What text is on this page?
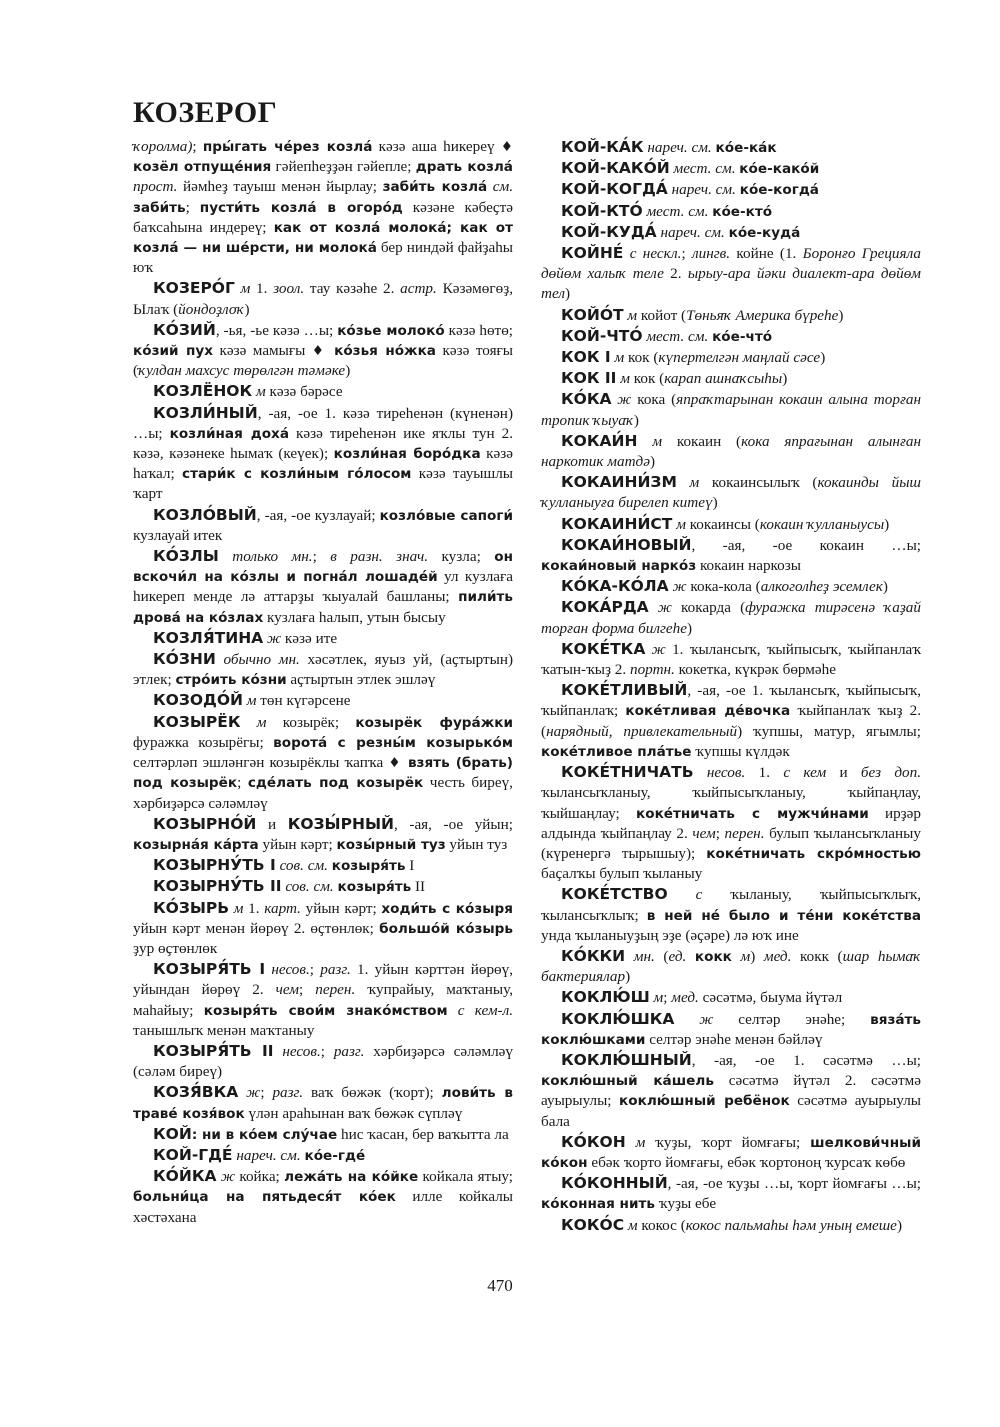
КОЗЕРОГ

ҡоролма); пры́гать че́рез козла́ кәзә аша һикереү ♦ козёл отпуще́ния гәйепһеҙҙән гәйепле; драть козла́ прост. йәмһеҙ тауыш менән йырлау; заби́ть козла́ см. заби́ть; пусти́ть козла́ в огоро́д кәзәне кәбеҫтә баҡсаһына индереү; как от козла́ молока́; как от козла́ — ни ше́рсти, ни молока́ бер ниндәй файҙаһы юҡ

КОЗЕРО́Г м 1. зоол. тау кәзәһе 2. астр. Кәзәмөгөҙ, Ылаҡ (йондоҙлоҡ)

КО́ЗИЙ, -ья, -ье кәзә …ы; ко́зье молоко́ кәзә һөтө; ко́зий пух кәзә мамығы ♦ ко́зья но́жка кәзә тояғы (ҡулдан махсус төрөлгән тәмәке)

КОЗЛЁНОК м кәзә бәрәсе

КОЗЛИ́НЫЙ, -ая, -ое 1. кәзә тиреһенән (күненән) …ы; козли́ная доха́ кәзә тиреһенән ике яҡлы тун 2. кәзә, кәзәнеке һымаҡ (кеүек); козли́ная боро́дка кәзә һаҡал; стари́к с козли́ным го́лосом кәзә тауышлы ҡарт

КОЗЛО́ВЫЙ, -ая, -ое кузлауай; козло́вые сапоги́ кузлауай итек

КО́ЗЛЫ только мн.; в разн. знач. кузла; он вскочи́л на ко́злы и погна́л лошаде́й ул кузлаға һикереп менде лә аттарҙы ҡыуалай башланы; пили́ть дрова́ на ко́злах кузлаға һалып, утын бысыу

КОЗЛЯ́ТИНА ж кәзә ите

КО́ЗНИ обычно мн. хәсәтлек, яуыз уй, (аҫтыртын) этлек; стро́ить ко́зни аҫтыртын этлек эшләү

КОЗОДО́Й м төн күгәрсене

КОЗЫРЁК м козырёк; козырёк фура́жки фуражка козырёгы; ворота́ с резны́м козырько́м селтәрләп эшләнгән козырёклы ҡапҡа ♦ взять (брать) под козырёк; сде́лать под козырёк честь биреү, хәрбиҙәрсә сәләмләү

КОЗЫРНО́Й и КОЗЫ́РНЫЙ, -ая, -ое уйын; козырна́я ка́рта уйын кәрт; козы́рный туз уйын туз

КОЗЫРНУ́ТЬ I сов. см. козыря́ть I

КОЗЫРНУ́ТЬ II сов. см. козыря́ть II

КО́ЗЫРЬ м 1. карт. уйын кәрт; ходи́ть с ко́зыря уйын кәрт менән йөрөү 2. өҫтөнлөк; большо́й ко́зырь ҙур өҫтөнлөк

КОЗЫРЯ́ТЬ I несов.; разг. 1. уйын кәрттән йөрөү, уйындан йөрөү 2. чем; перен. ҡупрайыу, маҡтаныу, маһайыу; козыря́ть свои́м знако́мством с кем-л. танышлыҡ менән маҡтаныу

КОЗЫРЯ́ТЬ II несов.; разг. хәрбиҙәрсә сәләмләү (сәләм биреү)

КОЗЯ́ВКА ж; разг. ваҡ бөжәк (ҡорт); лови́ть в траве́ козя́вок үлән араһынан ваҡ бөжәк сүпләү

КОЙ: ни в ко́ем слу́чае һис ҡасан, бер ваҡытта ла

КОЙ-ГДЕ́ нареч. см. ко́е-где́

КО́ЙКА ж койка; лежа́ть на ко́йке койкала ятыу; больни́ца на пятьдеся́т ко́ек илле койкалы хәстәхана

КОЙ-КА́К нареч. см. ко́е-ка́к

КОЙ-КАКО́Й мест. см. ко́е-како́й

КОЙ-КОГДА́ нареч. см. ко́е-когда́

КОЙ-КТО́ мест. см. ко́е-кто́

КОЙ-КУДА́ нареч. см. ко́е-куда́

КОЙНЕ́ с нескл.; лингв. койне (1. Боронғо Грецияла дөйөм халыҡ теле 2. ырыу-ара йәки диалект-ара дөйөм тел)

КОЙО́Т м койот (Төньяҡ Америка бүреһе)

КОЙ-ЧТО́ мест. см. ко́е-что́

КОК I м кок (күпертелгән маңлай сәсе)

КОК II м кок (карап ашнаҡсыһы)

КО́КА ж кока (япраҡтарынан кокаин алына торған тропик ҡыуаҡ)

КОКАИ́Н м кокаин (кока япрағынан алынған наркотик матдә)

КОКАИНИ́ЗМ м кокаинсылыҡ (кокаинды йыш ҡулланыуға бирелеп китеү)

КОКАИНИ́СТ м кокаинсы (кокаин ҡулланыусы)

КОКАИ́НОВЫЙ, -ая, -ое кокаин …ы; кокаи́новый нарко́з кокаин наркозы

КО́КА-КО́ЛА ж кока-кола (алкоголһеҙ эсемлек)

КОКА́РДА ж кокарда (фуражка тирәсенә ҡаҙай торған форма билгеһе)

КОКЕ́ТКА ж 1. ҡылансыҡ, ҡыйпысыҡ, ҡыйпанлаҡ ҡатын-ҡыҙ 2. портн. кокетка, күкрәк бөрмәһе

КОКЕ́ТЛИВЫЙ, -ая, -ое 1. ҡылансыҡ, ҡыйпысыҡ, ҡыйпанлаҡ; коке́тливая де́вочка ҡыйпанлаҡ ҡыҙ 2. (нарядный, привлекательный) ҡупшы, матур, ягымлы; коке́тливое пла́тье ҡупшы күлдәк

КОКЕ́ТНИЧАТЬ несов. 1. с кем и без доп. ҡылансыҡланыу, ҡыйпысыҡланыу, ҡыйпаңлау, ҡыйшаңлау; коке́тничать с мужчи́нами ирҙәр алдында ҡыйпаңлау 2. чем; перен. булып ҡылансыҡланыу (күренергә тырышыу); коке́тничать скро́мностью баҫалҡы булып ҡыланыу

КОКЕ́ТСТВО с ҡыланыу, ҡыйпысыҡлыҡ, ҡылансыҡлыҡ; в ней не́ было и те́ни коке́тства унда ҡыланыуҙың эҙе (әҫәре) лә юҡ ине

КО́ККИ мн. (ед. кокк м) мед. кокк (шар һымаҡ бактериялар)

КОКЛЮ́Ш м; мед. сәсәтмә, быума йүтәл

КОКЛЮ́ШКА ж селтәр энәһе; вяза́ть коклю́шками селтәр энәһе менән бәйләү

КОКЛЮ́ШНЫЙ, -ая, -ое 1. сәсәтмә …ы; коклю́шный ка́шель сәсәтмә йүтәл 2. сәсәтмә ауырыулы; коклю́шный ребёнок сәсәтмә ауырыулы бала

КО́КОН м ҡуҙы, ҡорт йомғағы; шелкови́чный ко́кон ебәк ҡорто йомғағы, ебәк ҡортоноң ҡурсаҡ көбө

КО́КОННЫЙ, -ая, -ое ҡуҙы …ы, ҡорт йомғағы …ы; ко́конная нить ҡуҙы ебе

КОКО́С м кокос (кокос пальмаһы һәм уның емеше)

470
